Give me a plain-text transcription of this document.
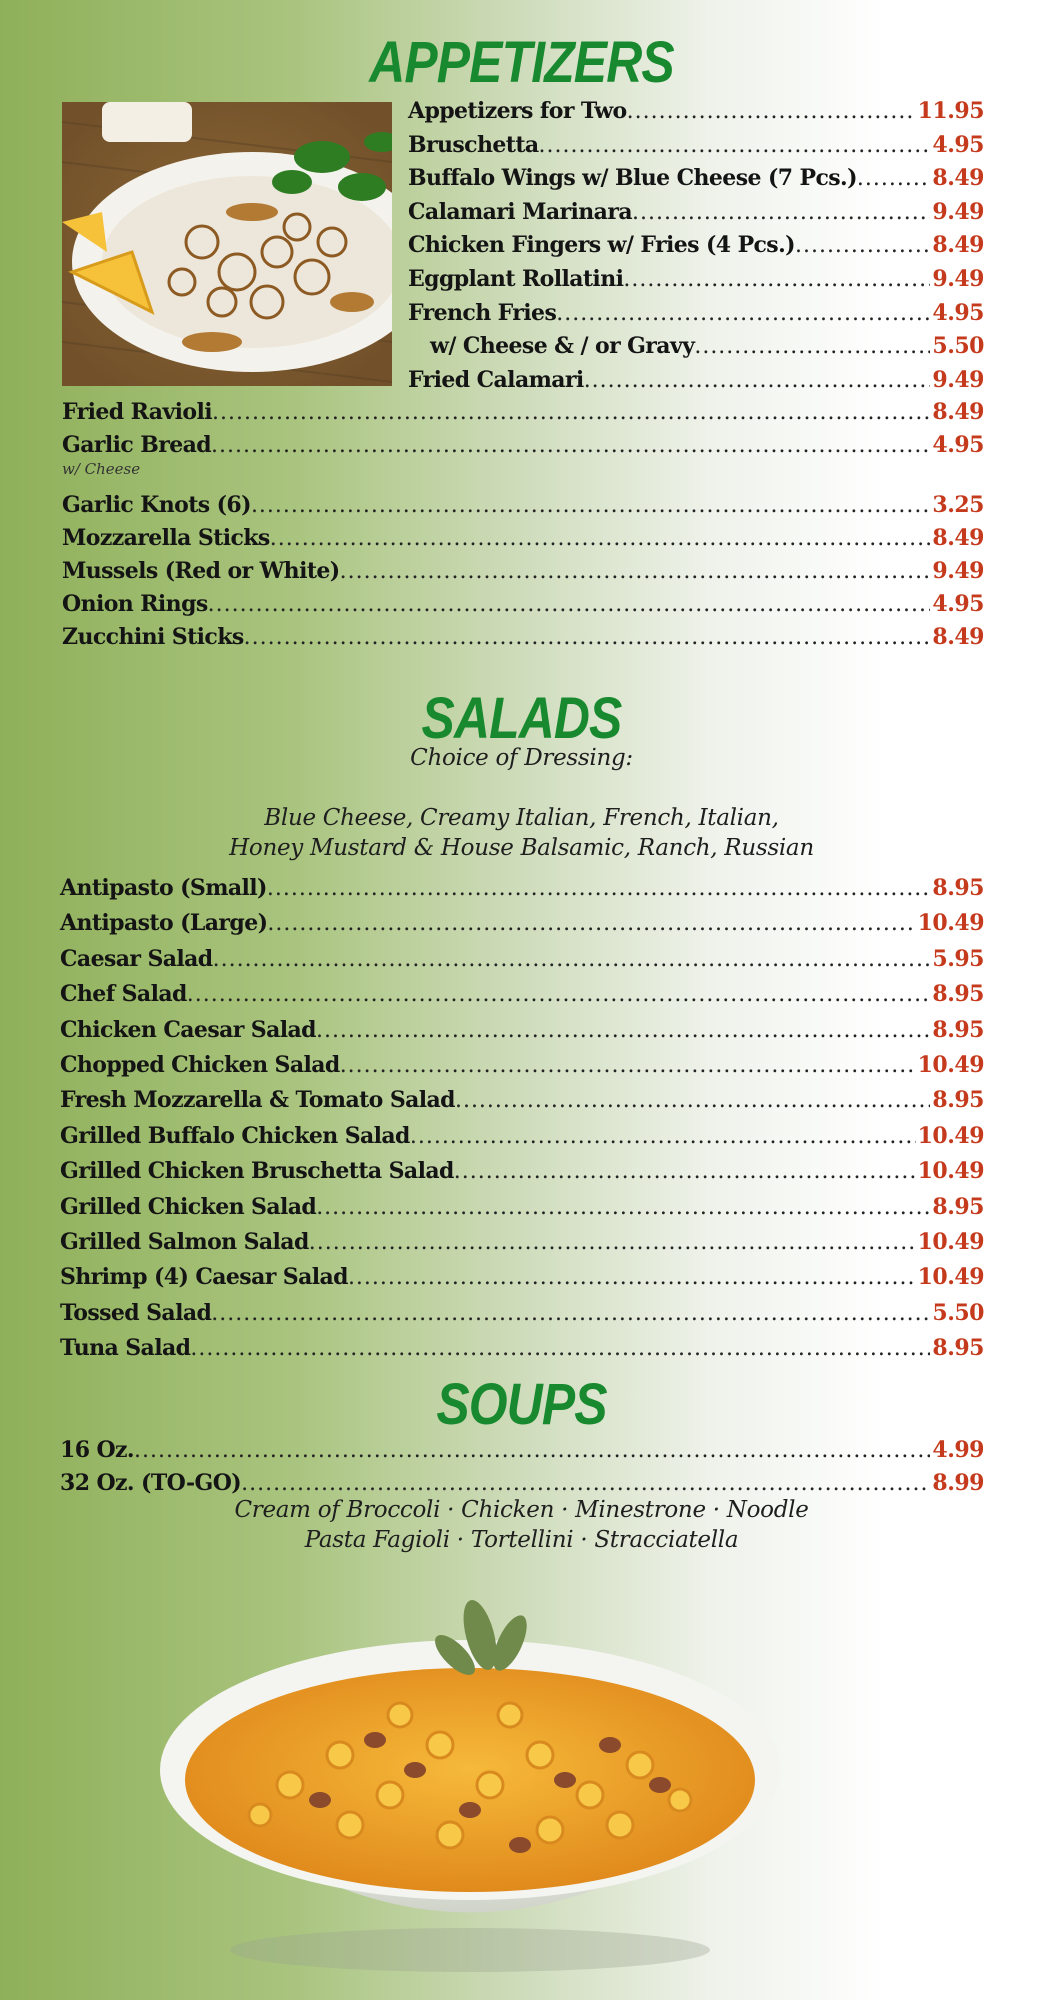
APPETIZERS
Appetizers for Two .....	11.95
Bruschetta .....	4.95
Buffalo Wings w/ Blue Cheese (7 Pcs.) .....	8.49
Calamari Marinara .....	9.49
Chicken Fingers w/ Fries (4 Pcs.) .....	8.49
Eggplant Rollatini .....	9.49
French Fries .....	4.95
w/ Cheese & / or Gravy .....	5.50
Fried Calamari .....	9.49
Fried Ravioli .....	8.49
Garlic Bread .....	4.95
w/ Cheese
Garlic Knots (6) .....	3.25
Mozzarella Sticks .....	8.49
Mussels (Red or White) .....	9.49
Onion Rings .....	4.95
Zucchini Sticks .....	8.49
SALADS
Choice of Dressing:
Blue Cheese, Creamy Italian, French, Italian,
Honey Mustard & House Balsamic, Ranch, Russian
Antipasto (Small) .....	8.95
Antipasto (Large) .....	10.49
Caesar Salad .....	5.95
Chef Salad .....	8.95
Chicken Caesar Salad .....	8.95
Chopped Chicken Salad .....	10.49
Fresh Mozzarella & Tomato Salad .....	8.95
Grilled Buffalo Chicken Salad .....	10.49
Grilled Chicken Bruschetta Salad .....	10.49
Grilled Chicken Salad .....	8.95
Grilled Salmon Salad .....	10.49
Shrimp (4) Caesar Salad .....	10.49
Tossed Salad .....	5.50
Tuna Salad .....	8.95
SOUPS
16 Oz. .....	4.99
32 Oz. (TO-GO) .....	8.99
Cream of Broccoli · Chicken · Minestrone · Noodle
Pasta Fagioli · Tortellini · Stracciatella
